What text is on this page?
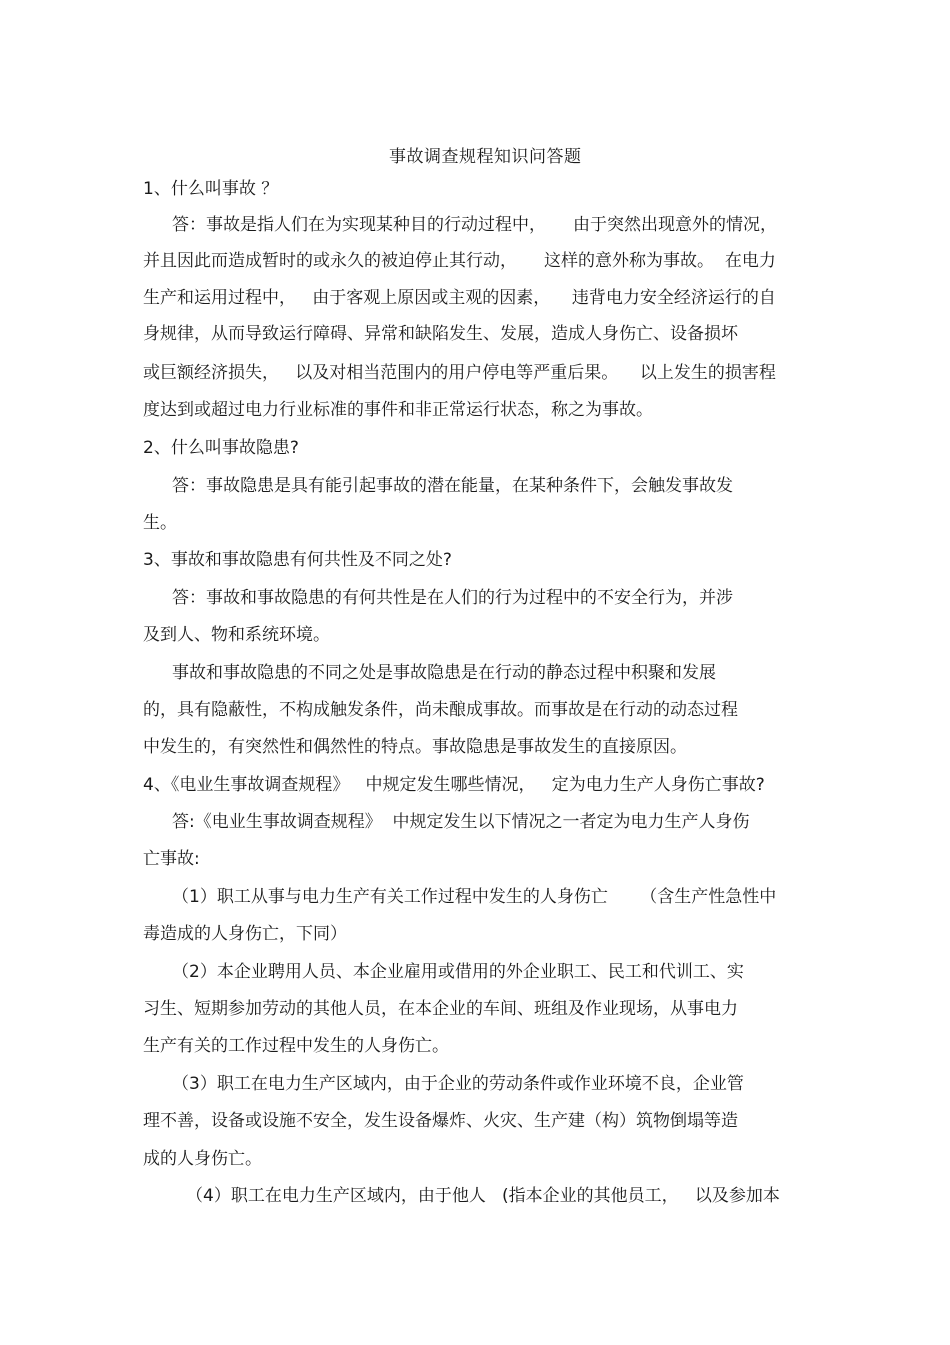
事故调查规程知识问答题

1、什么叫事故 ？

答：事故是指人们在为实现某种目的行动过程中，     由于突然出现意外的情况，

并且因此而造成暂时的或永久的被迫停止其行动，     这样的意外称为事故。  在电力

生产和运用过程中，   由于客观上原因或主观的因素，    违背电力安全经济运行的自

身规律，从而导致运行障碍、异常和缺陷发生、发展，造成人身伤亡、设备损坏

或巨额经济损失，   以及对相当范围内的用户停电等严重后果。    以上发生的损害程

度达到或超过电力行业标准的事件和非正常运行状态，称之为事故。

2、什么叫事故隐患?

答：事故隐患是具有能引起事故的潜在能量，在某种条件下，会触发事故发

生。

3、事故和事故隐患有何共性及不同之处?

答：事故和事故隐患的有何共性是在人们的行为过程中的不安全行为，并涉

及到人、物和系统环境。

事故和事故隐患的不同之处是事故隐患是在行动的静态过程中积聚和发展

的，具有隐蔽性，不构成触发条件，尚未酿成事故。而事故是在行动的动态过程

中发生的，有突然性和偶然性的特点。事故隐患是事故发生的直接原因。

4、《电业生事故调查规程》   中规定发生哪些情况，   定为电力生产人身伤亡事故?

答:《电业生事故调查规程》  中规定发生以下情况之一者定为电力生产人身伤

亡事故:

（1）职工从事与电力生产有关工作过程中发生的人身伤亡      （含生产性急性中

毒造成的人身伤亡，下同）

（2）本企业聘用人员、本企业雇用或借用的外企业职工、民工和代训工、实

习生、短期参加劳动的其他人员，在本企业的车间、班组及作业现场，从事电力

生产有关的工作过程中发生的人身伤亡。

（3）职工在电力生产区域内，由于企业的劳动条件或作业环境不良，企业管

理不善，设备或设施不安全，发生设备爆炸、火灾、生产建（构）筑物倒塌等造

成的人身伤亡。

（4）职工在电力生产区域内，由于他人   (指本企业的其他员工，   以及参加本
